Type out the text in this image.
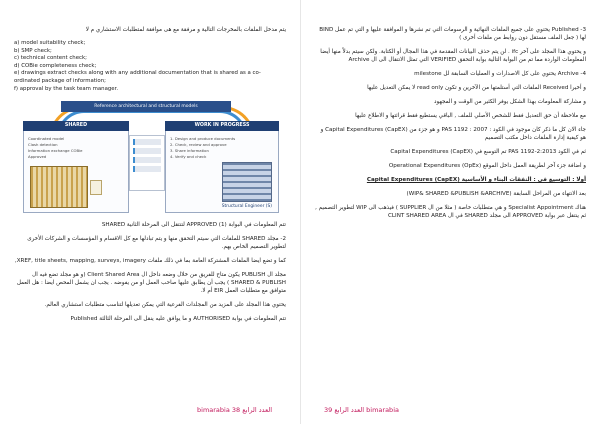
يتم مدخل الملفات بالمخرجات التالية و مرفقة مع هى موافقة لمتطلبات الاستشاري م لا

a) model suitability check;
b) SMP check;
c) technical content check;
d) COBie completeness check;
e) drawings extract checks along with any additional documentation that is shared as a co-ordinated package of information;
f) approval by the task team manager.
Reference architectural and structural models
SHARED
Coordinated model
Clash detection
Information exchange COBie
Approved
WORK IN PROGRESS
1. Design and produce documents
2. Check, review and approve
3. Share information
4. Verify and check
Structural Engineer (S)

تتم المعلومات في البوابة (1) APPROVED لتنتقل الى المرحلة الثانية SHARED

2- مجلد SHARED للملفات التي سيتم التحقق منها و يتم تبادلها مع كل الاقسام و المؤسسات و الشركات الأخرى لتطوير التصميم الخاص بهم.

كما و تضع ايضا الملفات المشتركة العامة بما في ذلك ملفات XREF, title sheets, mapping, surveys, imagery,

مجلد ال PUBLISH يكون متاح للفريق من خلال وضعه داخل ال Client Shared Area (و هو مجلد تضع فيه ال SHARED & PUBLISH ) يجب أن يطابق عليها صاحب العمل او من يفوضه . يجب ان يشمل المحص ايضا : هل العمل متوافق مع متطلبات العمل EIR أم لا.

يحتوي هذا المجلد على المزيد من المجلدات الفرعية التي يمكن تعديلها لتناسب متطلبات استشاري العالم.

تتم المعلومات في بوابة AUTHORISED و ما يوافق عليه ينقل الى المرحلة الثالثة Published

bimarabia العدد الرابع 38

3- Published يحتوي على جميع الملفات النهائية و الرسومات التي تم نشرها و الموافقة عليها و التي تم عمل BIND لها ( جعل الملف مستقل دون روابط من ملفات أخرى )

و يحتوي هذا المجلد على آخر ifc . لن يتم حذف البيانات المقدمة في هذا المجال أو الكتابة. ولكن سيتم بدلاً منها أيضا المعلومات الواردة مما تم من البوابة التالية بوابة التحقق VERIFIED التي تمثل الانتقال الى ال Archive

4- Archive يحتوي على كل الاصدارات و العمليات السابقة لل milestone

و أخيرا Received الملفات التي أستلمتها من الآخرين و تكون read only لا يمكن التعديل عليها

و مشاركة المعلومات بهذا الشكل يوفر الكثير من الوقت و المجهود

مع ملاحظة أن حق التعديل فقط للشخص الأصلي للملف , الباقي يستطيع فقط قرائتها و الاطلاع عليها

جاء الان كل ما ذكر كان موجود في الكود : PAS 1192 : 2007 و هو جزء من (Capital Expenditures (CapEX و هو كيفية إدارة الملفات داخل مكتب التصميم

ثم في الكود PAS 1192-2:2013 تم التوسع في (Capital Expenditures (CapEX

و اضافة جزء آخر لطريقة العمل داخل الموقع (Operational Expenditures (OpEx

أولا : التوسيع في : النفقات البناء و الأساسية (Capital Expenditures (CapEX

بعد الانتهاء من المراحل السابقة (WIP& SHARED &PUBLISH &ARCHIVE)

هناك Specialist Appointment و هي متطلبات خاصة ( مثلا من ال SUPPLIER ) فيذهب الى WIP لتطوير التصميم , ثم ينتقل عبر بوابة APPROVED الى مجلد SHARED في ال CLINT SHARED AREA

39 العدد الرابع bimarabia
